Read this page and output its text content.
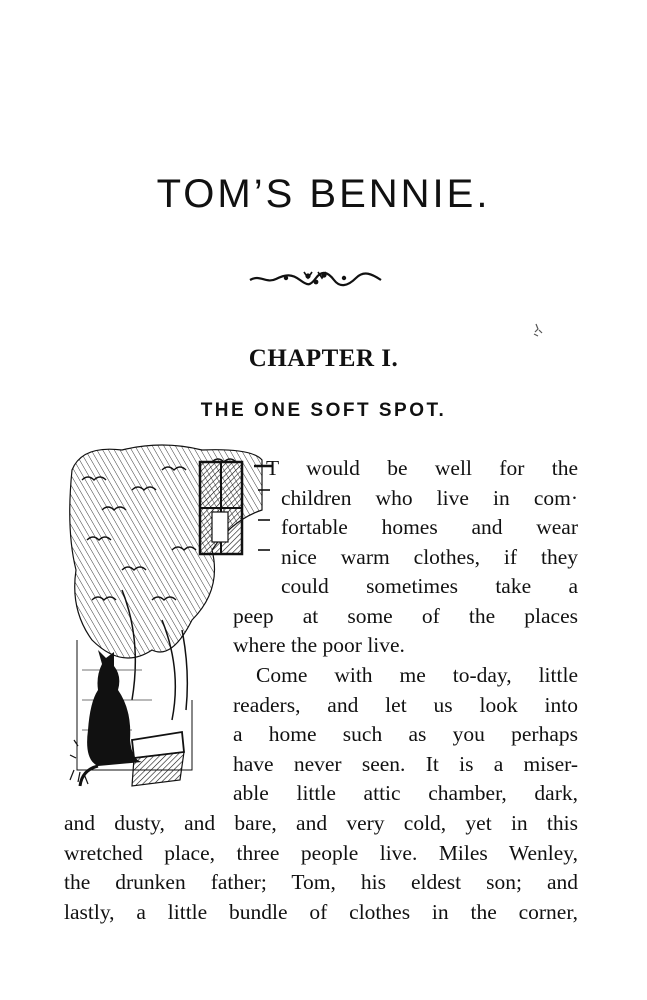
TOM’S BENNIE.
CHAPTER I.
THE ONE SOFT SPOT.
T would be well for the
children who live in com·
fortable homes and wear
nice warm clothes, if they
could sometimes take a
peep at some of the places
where the poor live.
Come with me to-day, little
readers, and let us look into
a home such as you perhaps
have never seen. It is a miser-
able little attic chamber, dark,
and dusty, and bare, and very cold, yet in this
wretched place, three people live. Miles Wenley,
the drunken father; Tom, his eldest son; and
lastly, a little bundle of clothes in the corner,
